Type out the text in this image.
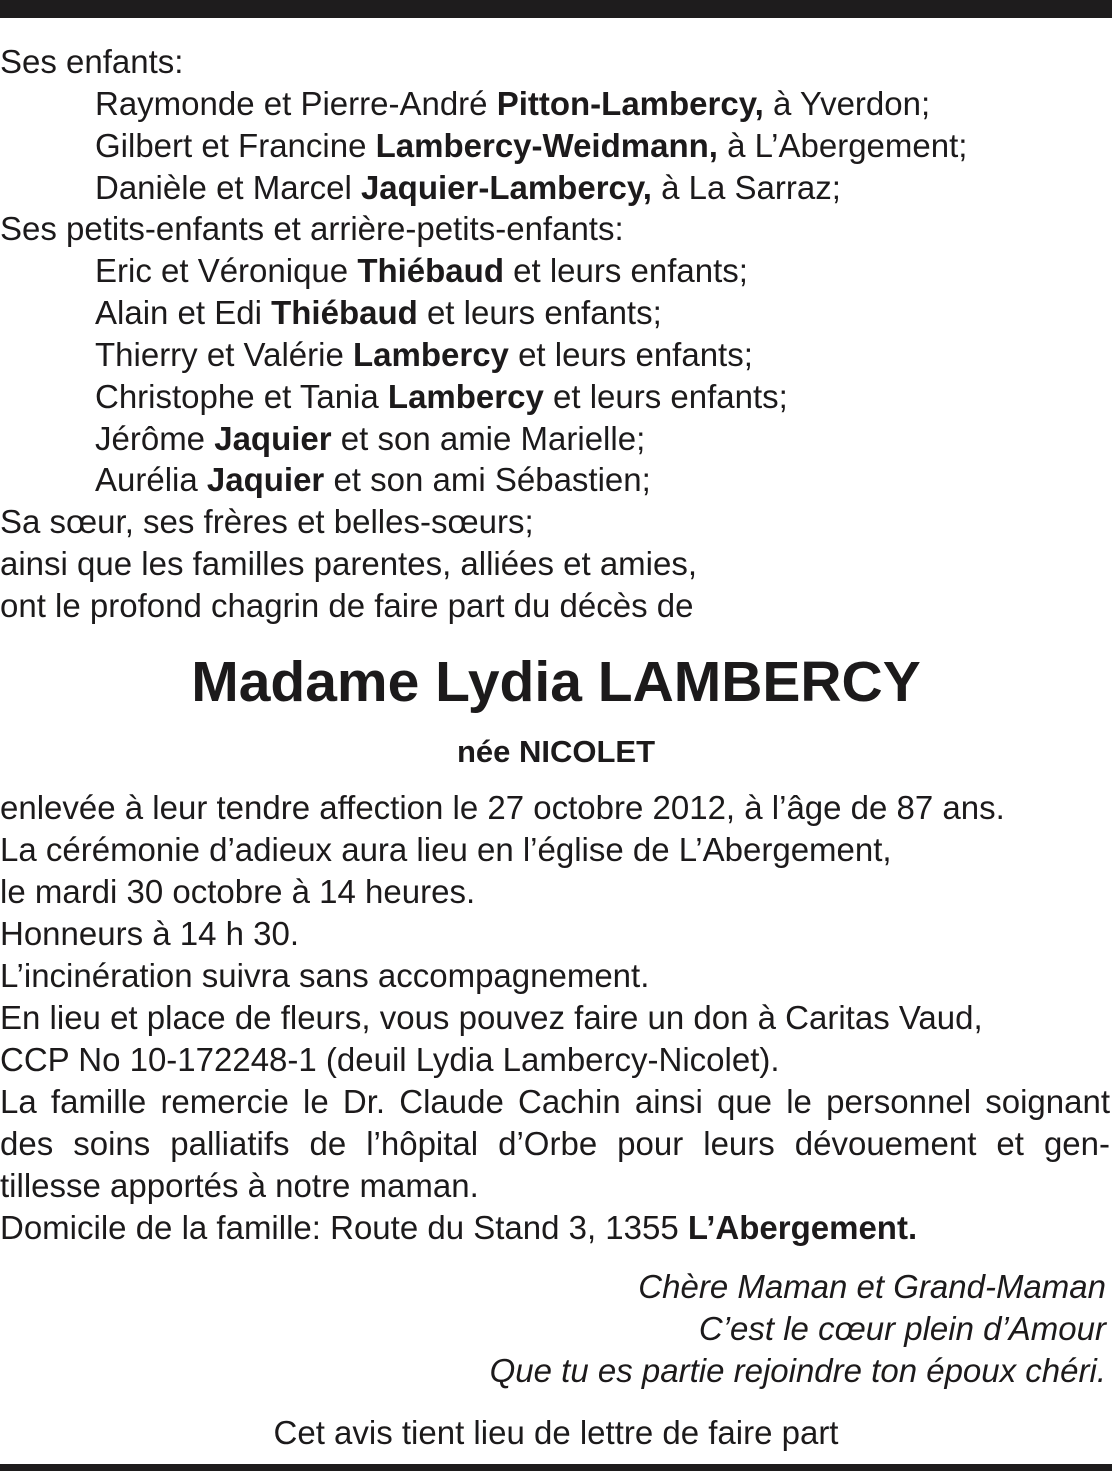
Ses enfants:
Raymonde et Pierre-André Pitton-Lambercy, à Yverdon;
Gilbert et Francine Lambercy-Weidmann, à L’Abergement;
Danièle et Marcel Jaquier-Lambercy, à La Sarraz;
Ses petits-enfants et arrière-petits-enfants:
Eric et Véronique Thiébaud et leurs enfants;
Alain et Edi Thiébaud et leurs enfants;
Thierry et Valérie Lambercy et leurs enfants;
Christophe et Tania Lambercy et leurs enfants;
Jérôme Jaquier et son amie Marielle;
Aurélia Jaquier et son ami Sébastien;
Sa sœur, ses frères et belles-sœurs;
ainsi que les familles parentes, alliées et amies,
ont le profond chagrin de faire part du décès de
Madame Lydia LAMBERCY
née NICOLET
enlevée à leur tendre affection le 27 octobre 2012, à l’âge de 87 ans.
La cérémonie d’adieux aura lieu en l’église de L’Abergement,
le mardi 30 octobre à 14 heures.
Honneurs à 14 h 30.
L’incinération suivra sans accompagnement.
En lieu et place de fleurs, vous pouvez faire un don à Caritas Vaud,
CCP No 10-172248-1 (deuil Lydia Lambercy-Nicolet).
La famille remercie le Dr. Claude Cachin ainsi que le personnel soignant
des soins palliatifs de l’hôpital d’Orbe pour leurs dévouement et gen-
tillesse apportés à notre maman.
Domicile de la famille: Route du Stand 3, 1355 L’Abergement.
Chère Maman et Grand-Maman
C’est le cœur plein d’Amour
Que tu es partie rejoindre ton époux chéri.
Cet avis tient lieu de lettre de faire part
